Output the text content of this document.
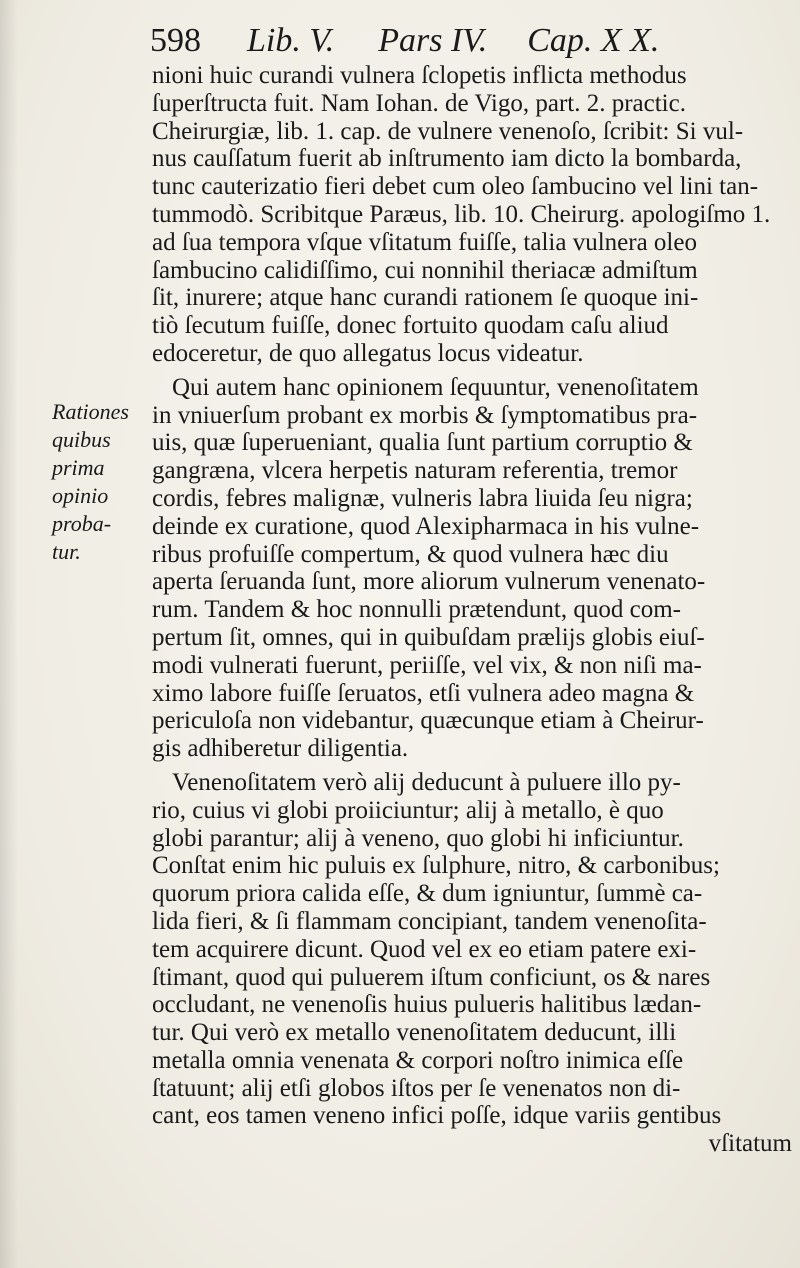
598 Lib. V. Pars IV. Cap. X X.
Rationes
quibus
prima
opinio
proba-
tur.
nioni huic curandi vulnera ſclopetis inflicta methodus
ſuperſtructa fuit. Nam Iohan. de Vigo, part. 2. practic.
Cheirurgiæ, lib. 1. cap. de vulnere venenoſo, ſcribit: Si vul-
nus cauſſatum fuerit ab inſtrumento iam dicto la bombarda,
tunc cauterizatio fieri debet cum oleo ſambucino vel lini tan-
tummodò. Scribitque Paræus, lib. 10. Cheirurg. apologiſmo 1.
ad ſua tempora vſque vſitatum fuiſſe, talia vulnera oleo
ſambucino calidiſſimo, cui nonnihil theriacæ admiſtum
ſit, inurere; atque hanc curandi rationem ſe quoque ini-
tiò ſecutum fuiſſe, donec fortuito quodam caſu aliud
edoceretur, de quo allegatus locus videatur.
Qui autem hanc opinionem ſequuntur, venenoſitatem
in vniuerſum probant ex morbis & ſymptomatibus pra-
uis, quæ ſuperueniant, qualia ſunt partium corruptio &
gangræna, vlcera herpetis naturam referentia, tremor
cordis, febres malignæ, vulneris labra liuida ſeu nigra;
deinde ex curatione, quod Alexipharmaca in his vulne-
ribus profuiſſe compertum, & quod vulnera hæc diu
aperta ſeruanda ſunt, more aliorum vulnerum venenato-
rum. Tandem & hoc nonnulli prætendunt, quod com-
pertum ſit, omnes, qui in quibuſdam prælijs globis eiuſ-
modi vulnerati fuerunt, periiſſe, vel vix, & non niſi ma-
ximo labore fuiſſe ſeruatos, etſi vulnera adeo magna &
periculoſa non videbantur, quæcunque etiam à Cheirur-
gis adhiberetur diligentia.
Venenoſitatem verò alij deducunt à puluere illo py-
rio, cuius vi globi proiiciuntur; alij à metallo, è quo
globi parantur; alij à veneno, quo globi hi inficiuntur.
Conſtat enim hic puluis ex ſulphure, nitro, & carbonibus;
quorum priora calida eſſe, & dum igniuntur, ſummè ca-
lida fieri, & ſi flammam concipiant, tandem venenoſita-
tem acquirere dicunt. Quod vel ex eo etiam patere exi-
ſtimant, quod qui puluerem iſtum conficiunt, os & nares
occludant, ne venenoſis huius pulueris halitibus lædan-
tur. Qui verò ex metallo venenoſitatem deducunt, illi
metalla omnia venenata & corpori noſtro inimica eſſe
ſtatuunt; alij etſi globos iſtos per ſe venenatos non di-
cant, eos tamen veneno infici poſſe, idque variis gentibus
vſitatum
